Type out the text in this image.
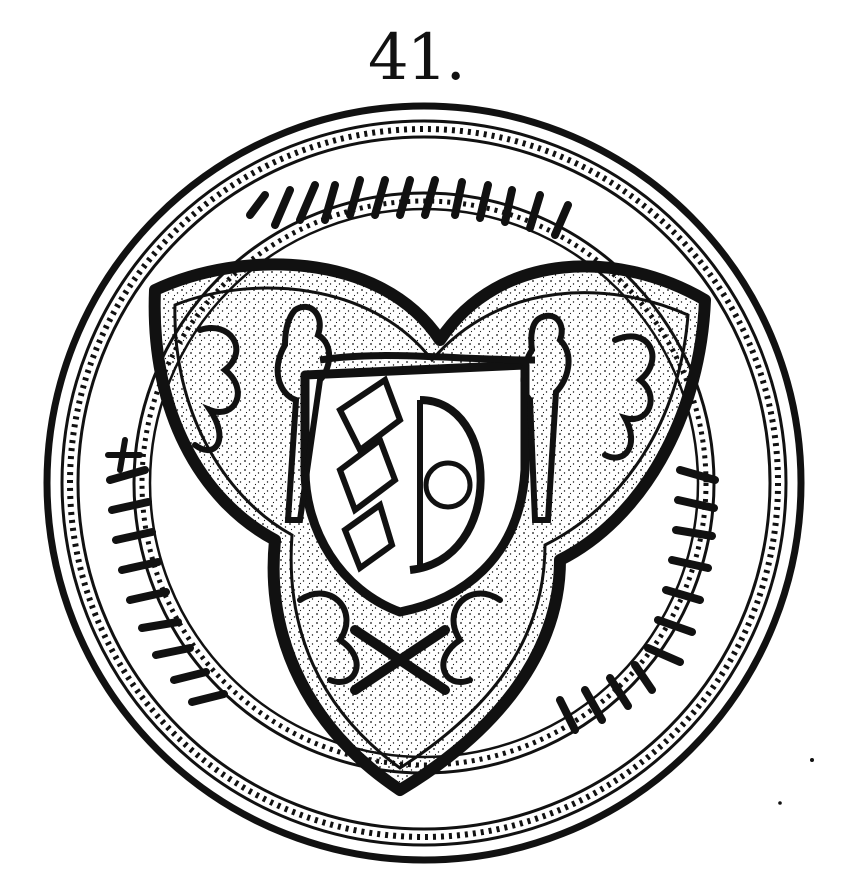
41.
